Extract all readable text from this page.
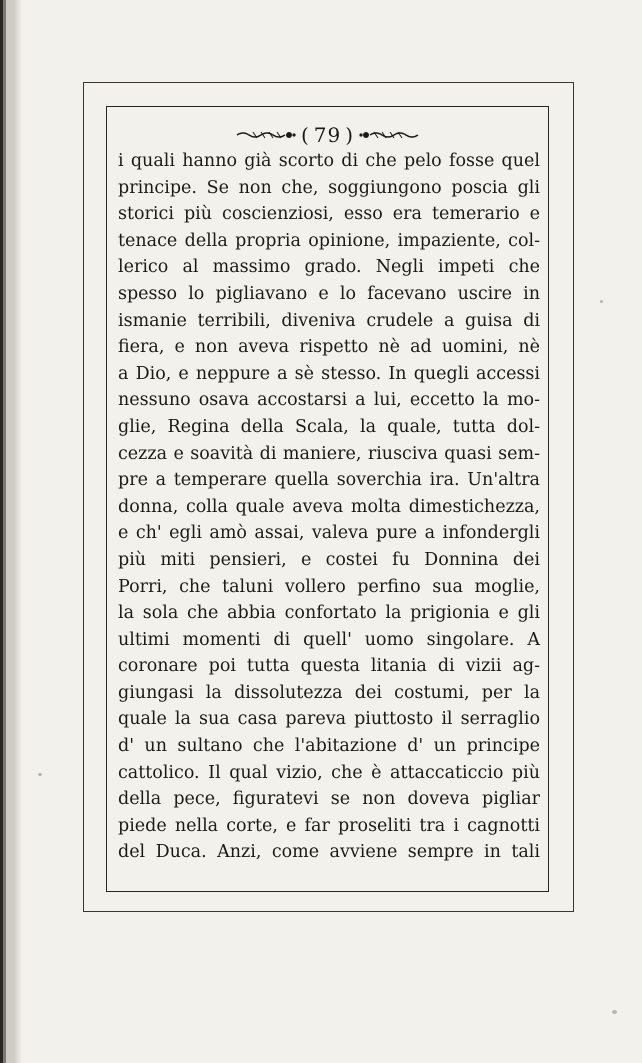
( 79 )
i quali hanno già scorto di che pelo fosse quel
principe. Se non che, soggiungono poscia gli
storici più coscienziosi, esso era temerario e
tenace della propria opinione, impaziente, col-
lerico al massimo grado. Negli impeti che
spesso lo pigliavano e lo facevano uscire in
ismanie terribili, diveniva crudele a guisa di
fiera, e non aveva rispetto nè ad uomini, nè
a Dio, e neppure a sè stesso. In quegli accessi
nessuno osava accostarsi a lui, eccetto la mo-
glie, Regina della Scala, la quale, tutta dol-
cezza e soavità di maniere, riusciva quasi sem-
pre a temperare quella soverchia ira. Un'altra
donna, colla quale aveva molta dimestichezza,
e ch' egli amò assai, valeva pure a infondergli
più miti pensieri, e costei fu Donnina dei
Porri, che taluni vollero perfino sua moglie,
la sola che abbia confortato la prigionia e gli
ultimi momenti di quell' uomo singolare. A
coronare poi tutta questa litania di vizii ag-
giungasi la dissolutezza dei costumi, per la
quale la sua casa pareva piuttosto il serraglio
d' un sultano che l'abitazione d' un principe
cattolico. Il qual vizio, che è attaccaticcio più
della pece, figuratevi se non doveva pigliar
piede nella corte, e far proseliti tra i cagnotti
del Duca. Anzi, come avviene sempre in tali
